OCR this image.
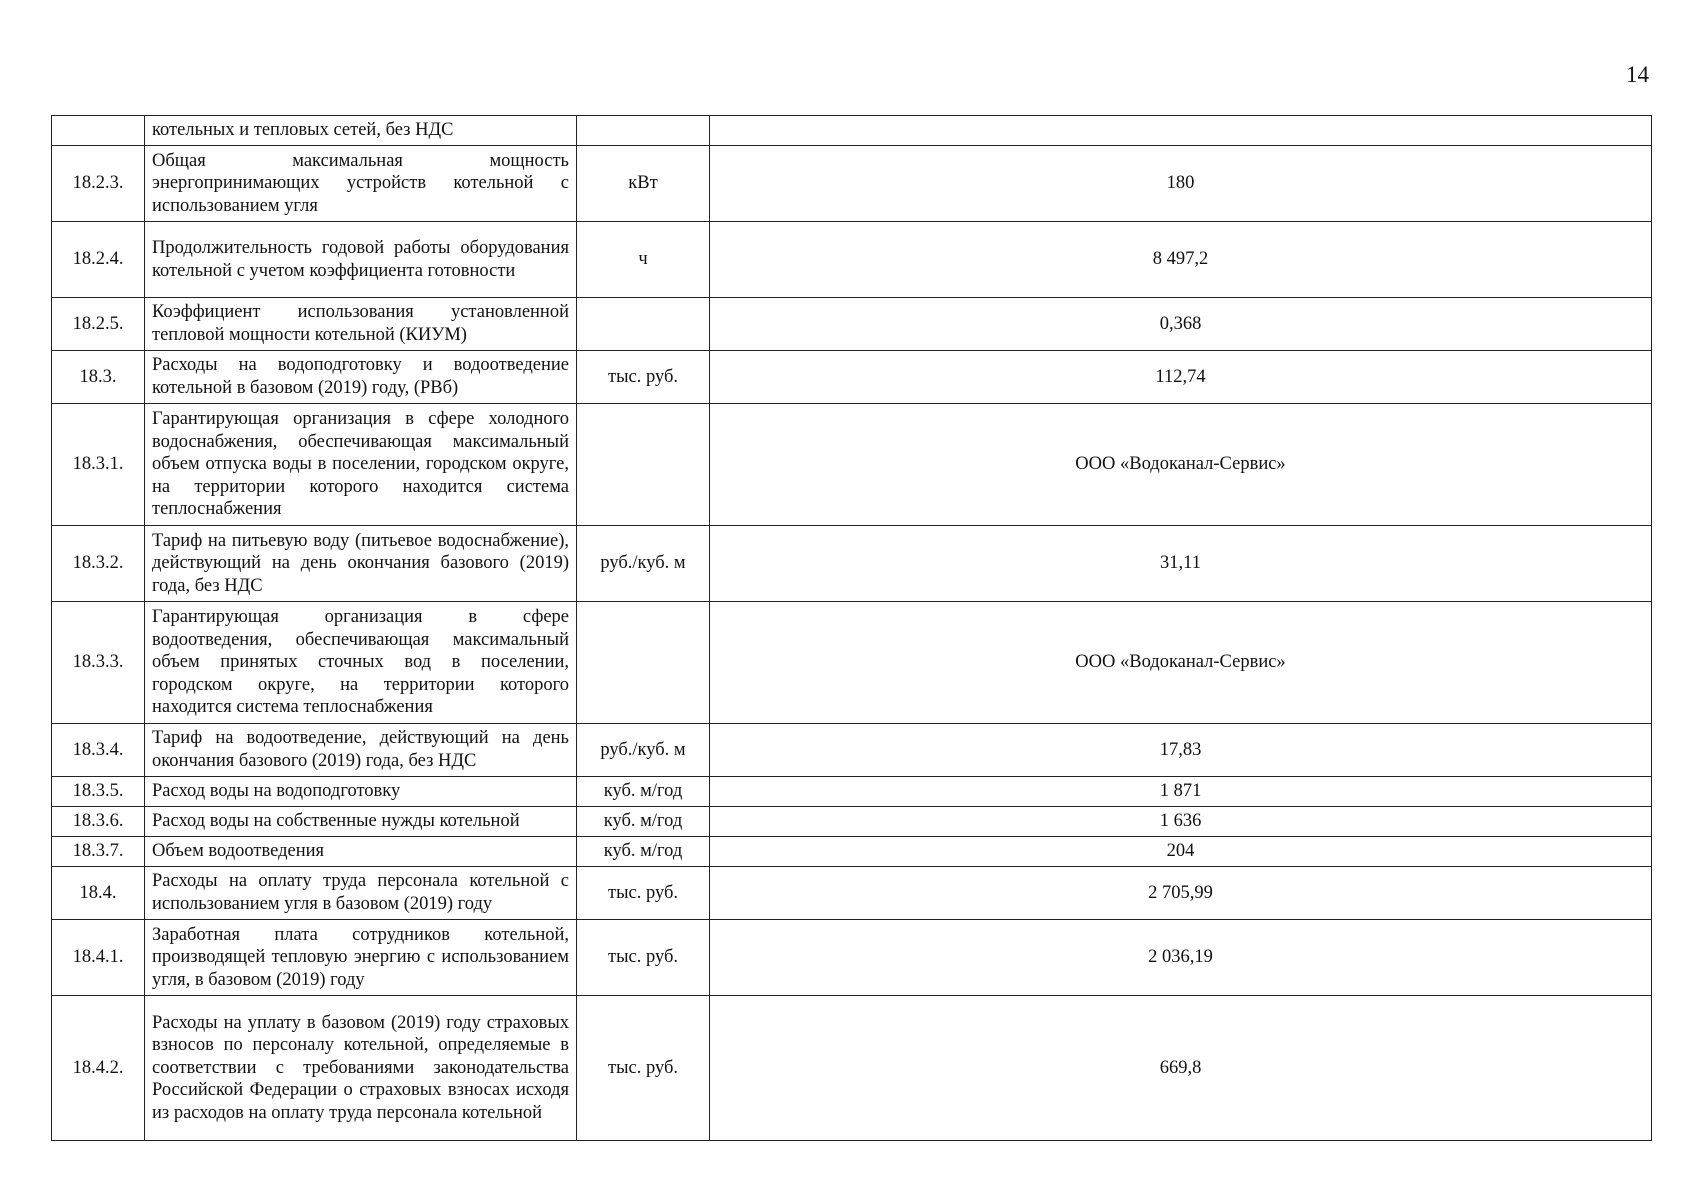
14
	котельных и тепловых сетей, без НДС		
18.2.3.	Общая максимальная мощность энергопринимающих устройств котельной с использованием угля	кВт	180
18.2.4.	Продолжительность годовой работы оборудования котельной с учетом коэффициента готовности	ч	8 497,2
18.2.5.	Коэффициент использования установленной тепловой мощности котельной (КИУМ)		0,368
18.3.	Расходы на водоподготовку и водоотведение котельной в базовом (2019) году, (РВб)	тыс. руб.	112,74
18.3.1.	Гарантирующая организация в сфере холодного водоснабжения, обеспечивающая максимальный объем отпуска воды в поселении, городском округе, на территории которого находится система теплоснабжения		ООО «Водоканал-Сервис»
18.3.2.	Тариф на питьевую воду (питьевое водоснабжение), действующий на день окончания базового (2019) года, без НДС	руб./куб. м	31,11
18.3.3.	Гарантирующая организация в сфере водоотведения, обеспечивающая максимальный объем принятых сточных вод в поселении, городском округе, на территории которого находится система теплоснабжения		ООО «Водоканал-Сервис»
18.3.4.	Тариф на водоотведение, действующий на день окончания базового (2019) года, без НДС	руб./куб. м	17,83
18.3.5.	Расход воды на водоподготовку	куб. м/год	1 871
18.3.6.	Расход воды на собственные нужды котельной	куб. м/год	1 636
18.3.7.	Объем водоотведения	куб. м/год	204
18.4.	Расходы на оплату труда персонала котельной с использованием угля в базовом (2019) году	тыс. руб.	2 705,99
18.4.1.	Заработная плата сотрудников котельной, производящей тепловую энергию с использованием угля, в базовом (2019) году	тыс. руб.	2 036,19
18.4.2.	Расходы на уплату в базовом (2019) году страховых взносов по персоналу котельной, определяемые в соответствии с требованиями законодательства Российской Федерации о страховых взносах исходя из расходов на оплату труда персонала котельной	тыс. руб.	669,8
